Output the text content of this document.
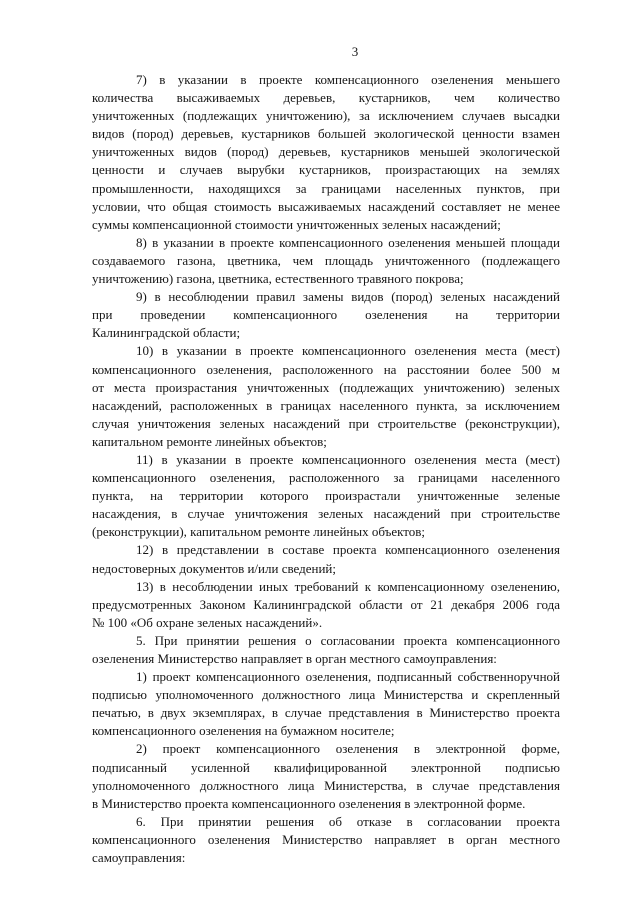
3
7) в указании в проекте компенсационного озеленения меньшего
количества высаживаемых деревьев, кустарников, чем количество
уничтоженных (подлежащих уничтожению), за исключением случаев высадки
видов (пород) деревьев, кустарников большей экологической ценности взамен
уничтоженных видов (пород) деревьев, кустарников меньшей экологической
ценности и случаев вырубки кустарников, произрастающих на землях
промышленности, находящихся за границами населенных пунктов, при
условии, что общая стоимость высаживаемых насаждений составляет не менее
суммы компенсационной стоимости уничтоженных зеленых насаждений;
8) в указании в проекте компенсационного озеленения меньшей площади
создаваемого газона, цветника, чем площадь уничтоженного (подлежащего
уничтожению) газона, цветника, естественного травяного покрова;
9) в несоблюдении правил замены видов (пород) зеленых насаждений
при проведении компенсационного озеленения на территории
Калининградской области;
10) в указании в проекте компенсационного озеленения места (мест)
компенсационного озеленения, расположенного на расстоянии более 500 м
от места произрастания уничтоженных (подлежащих уничтожению) зеленых
насаждений, расположенных в границах населенного пункта, за исключением
случая уничтожения зеленых насаждений при строительстве (реконструкции),
капитальном ремонте линейных объектов;
11) в указании в проекте компенсационного озеленения места (мест)
компенсационного озеленения, расположенного за границами населенного
пункта, на территории которого произрастали уничтоженные зеленые
насаждения, в случае уничтожения зеленых насаждений при строительстве
(реконструкции), капитальном ремонте линейных объектов;
12) в представлении в составе проекта компенсационного озеленения
недостоверных документов и/или сведений;
13) в несоблюдении иных требований к компенсационному озеленению,
предусмотренных Законом Калининградской области от 21 декабря 2006 года
№ 100 «Об охране зеленых насаждений».
5. При принятии решения о согласовании проекта компенсационного
озеленения Министерство направляет в орган местного самоуправления:
1) проект компенсационного озеленения, подписанный собственноручной
подписью уполномоченного должностного лица Министерства и скрепленный
печатью, в двух экземплярах, в случае представления в Министерство проекта
компенсационного озеленения на бумажном носителе;
2) проект компенсационного озеленения в электронной форме,
подписанный усиленной квалифицированной электронной подписью
уполномоченного должностного лица Министерства, в случае представления
в Министерство проекта компенсационного озеленения в электронной форме.
6. При принятии решения об отказе в согласовании проекта
компенсационного озеленения Министерство направляет в орган местного
самоуправления:
